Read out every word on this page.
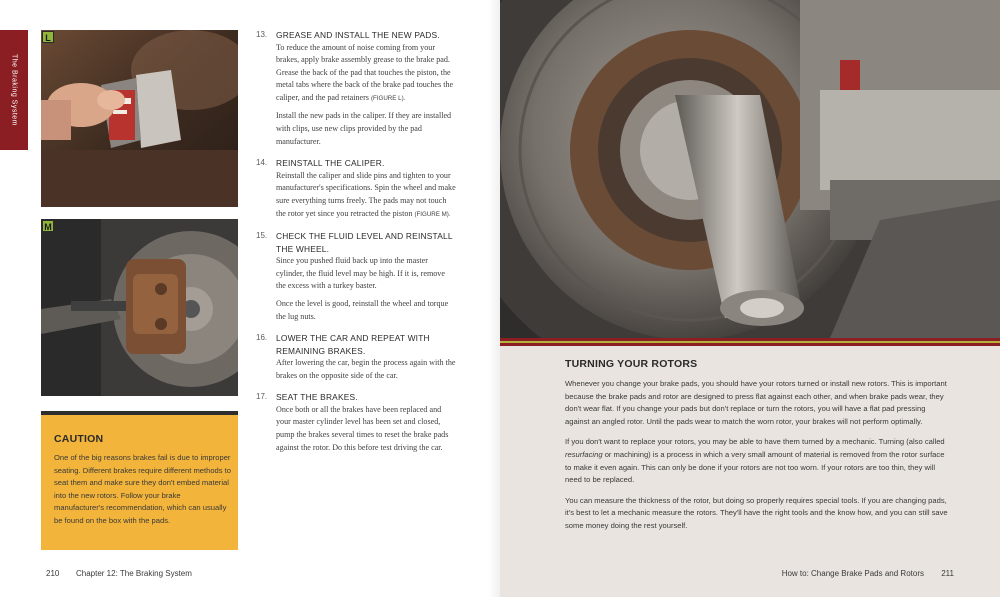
The Braking System
L
M
CAUTION
One of the big reasons brakes fail is due to improper seating. Different brakes require different methods to seat them and make sure they don't embed material into the new rotors. Follow your brake manufacturer's recommendation, which can usually be found on the box with the pads.
13. GREASE AND INSTALL THE NEW PADS.

To reduce the amount of noise coming from your brakes, apply brake assembly grease to the brake pad. Grease the back of the pad that touches the piston, the metal tabs where the back of the brake pad touches the caliper, and the pad retainers (FIGURE L).

Install the new pads in the caliper. If they are installed with clips, use new clips provided by the pad manufacturer.

14. REINSTALL THE CALIPER.

Reinstall the caliper and slide pins and tighten to your manufacturer's specifications. Spin the wheel and make sure everything turns freely. The pads may not touch the rotor yet since you retracted the piston (FIGURE M).

15. CHECK THE FLUID LEVEL AND REINSTALL THE WHEEL.

Since you pushed fluid back up into the master cylinder, the fluid level may be high. If it is, remove the excess with a turkey baster.

Once the level is good, reinstall the wheel and torque the lug nuts.

16. LOWER THE CAR AND REPEAT WITH REMAINING BRAKES.

After lowering the car, begin the process again with the brakes on the opposite side of the car.

17. SEAT THE BRAKES.

Once both or all the brakes have been replaced and your master cylinder level has been set and closed, pump the brakes several times to reset the brake pads against the rotor. Do this before test driving the car.

TURNING YOUR ROTORS

Whenever you change your brake pads, you should have your rotors turned or install new rotors. This is important because the brake pads and rotor are designed to press flat against each other, and when brake pads wear, they don't wear flat. If you change your pads but don't replace or turn the rotors, you will have a flat pad pressing against an angled rotor. Until the pads wear to match the worn rotor, your brakes will not perform optimally.

If you don't want to replace your rotors, you may be able to have them turned by a mechanic. Turning (also called resurfacing or machining) is a process in which a very small amount of material is removed from the rotor surface to make it even again. This can only be done if your rotors are not too worn. If your rotors are too thin, they will need to be replaced.

You can measure the thickness of the rotor, but doing so properly requires special tools. If you are changing pads, it's best to let a mechanic measure the rotors. They'll have the right tools and the know how, and you can still save some money doing the rest yourself.

210 Chapter 12: The Braking System	How to: Change Brake Pads and Rotors 211
